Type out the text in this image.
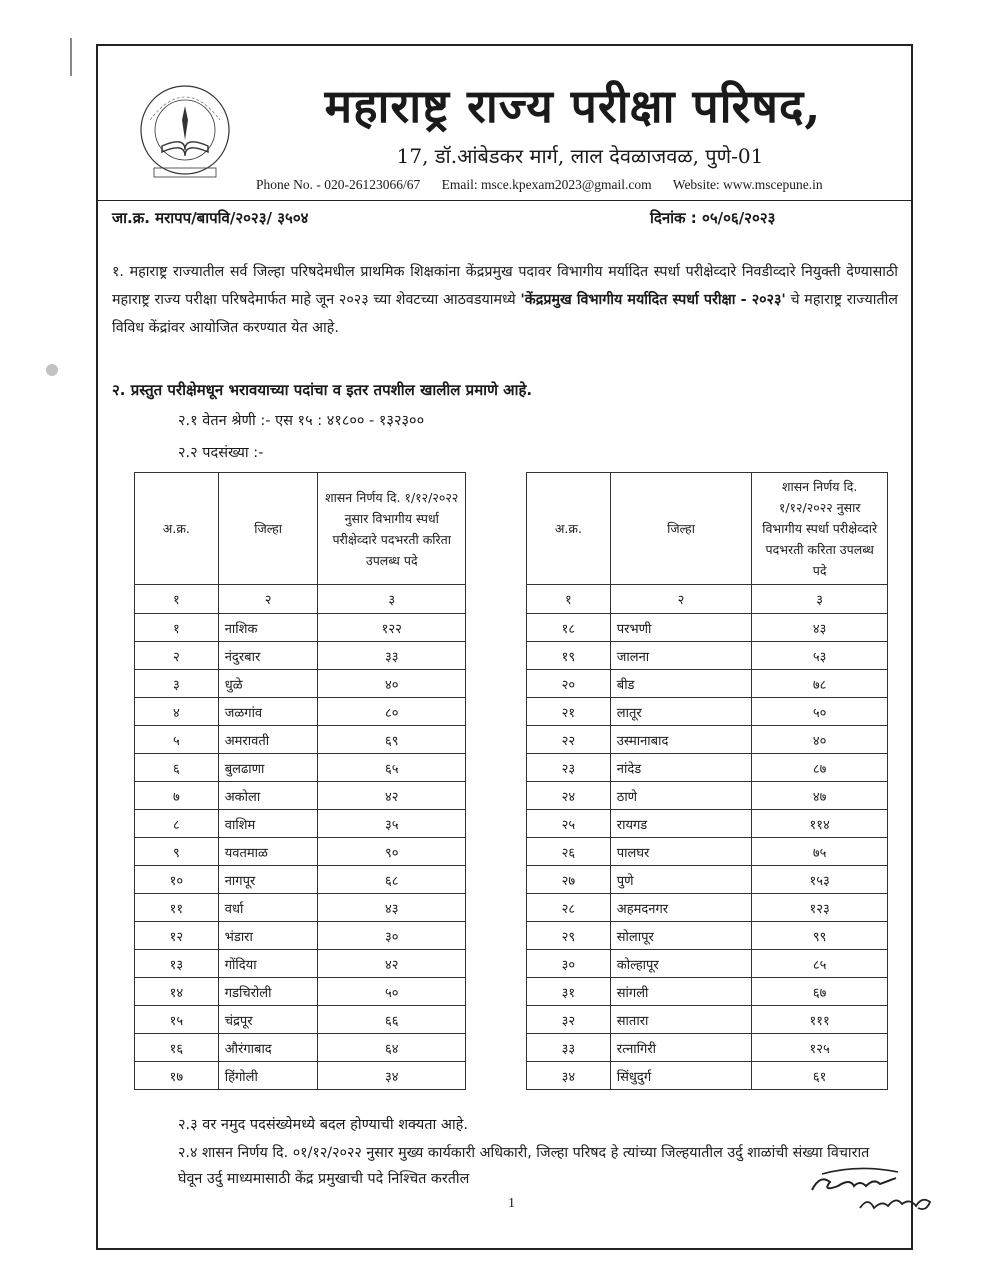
महाराष्ट्र राज्य परीक्षा परिषद,
17, डॉ.आंबेडकर मार्ग, लाल देवळाजवळ, पुणे-01
Phone No. - 020-26123066/67 Email: msce.kpexam2023@gmail.com Website: www.mscepune.in
जा.क्र. मरापप/बापवि/२०२३/ ३५०४	दिनांक : ०५/०६/२०२३
१. महाराष्ट्र राज्यातील सर्व जिल्हा परिषदेमधील प्राथमिक शिक्षकांना केंद्रप्रमुख पदावर विभागीय मर्यादित स्पर्धा परीक्षेव्दारे निवडीव्दारे नियुक्ती देण्यासाठी महाराष्ट्र राज्य परीक्षा परिषदेमार्फत माहे जून २०२३ च्या शेवटच्या आठवडयामध्ये 'केंद्रप्रमुख विभागीय मर्यादित स्पर्धा परीक्षा - २०२३' चे महाराष्ट्र राज्यातील विविध केंद्रांवर आयोजित करण्यात येत आहे.
२. प्रस्तुत परीक्षेमधून भरावयाच्या पदांचा व इतर तपशील खालील प्रमाणे आहे.
२.१ वेतन श्रेणी :- एस १५ : ४१८०० - १३२३००
२.२ पदसंख्या :-
अ.क्र.	जिल्हा	शासन निर्णय दि. १/१२/२०२२ नुसार विभागीय स्पर्धा परीक्षेव्दारे पदभरती करिता उपलब्ध पदे
१	२	३
१	नाशिक	१२२
२	नंदुरबार	३३
३	धुळे	४०
४	जळगांव	८०
५	अमरावती	६९
६	बुलढाणा	६५
७	अकोला	४२
८	वाशिम	३५
९	यवतमाळ	९०
१०	नागपूर	६८
११	वर्धा	४३
१२	भंडारा	३०
१३	गोंदिया	४२
१४	गडचिरोली	५०
१५	चंद्रपूर	६६
१६	औरंगाबाद	६४
१७	हिंगोली	३४
अ.क्र.	जिल्हा	शासन निर्णय दि. १/१२/२०२२ नुसार विभागीय स्पर्धा परीक्षेव्दारे पदभरती करिता उपलब्ध पदे
१	२	३
१८	परभणी	४३
१९	जालना	५३
२०	बीड	७८
२१	लातूर	५०
२२	उस्मानाबाद	४०
२३	नांदेड	८७
२४	ठाणे	४७
२५	रायगड	११४
२६	पालघर	७५
२७	पुणे	१५३
२८	अहमदनगर	१२३
२९	सोलापूर	९९
३०	कोल्हापूर	८५
३१	सांगली	६७
३२	सातारा	१११
३३	रत्नागिरी	१२५
३४	सिंधुदुर्ग	६१
२.३ वर नमुद पदसंख्येमध्ये बदल होण्याची शक्यता आहे.
२.४ शासन निर्णय दि. ०१/१२/२०२२ नुसार मुख्य कार्यकारी अधिकारी, जिल्हा परिषद हे त्यांच्या जिल्हयातील उर्दु शाळांची संख्या विचारात घेवून उर्दु माध्यमासाठी केंद्र प्रमुखाची पदे निश्चित करतील
1
